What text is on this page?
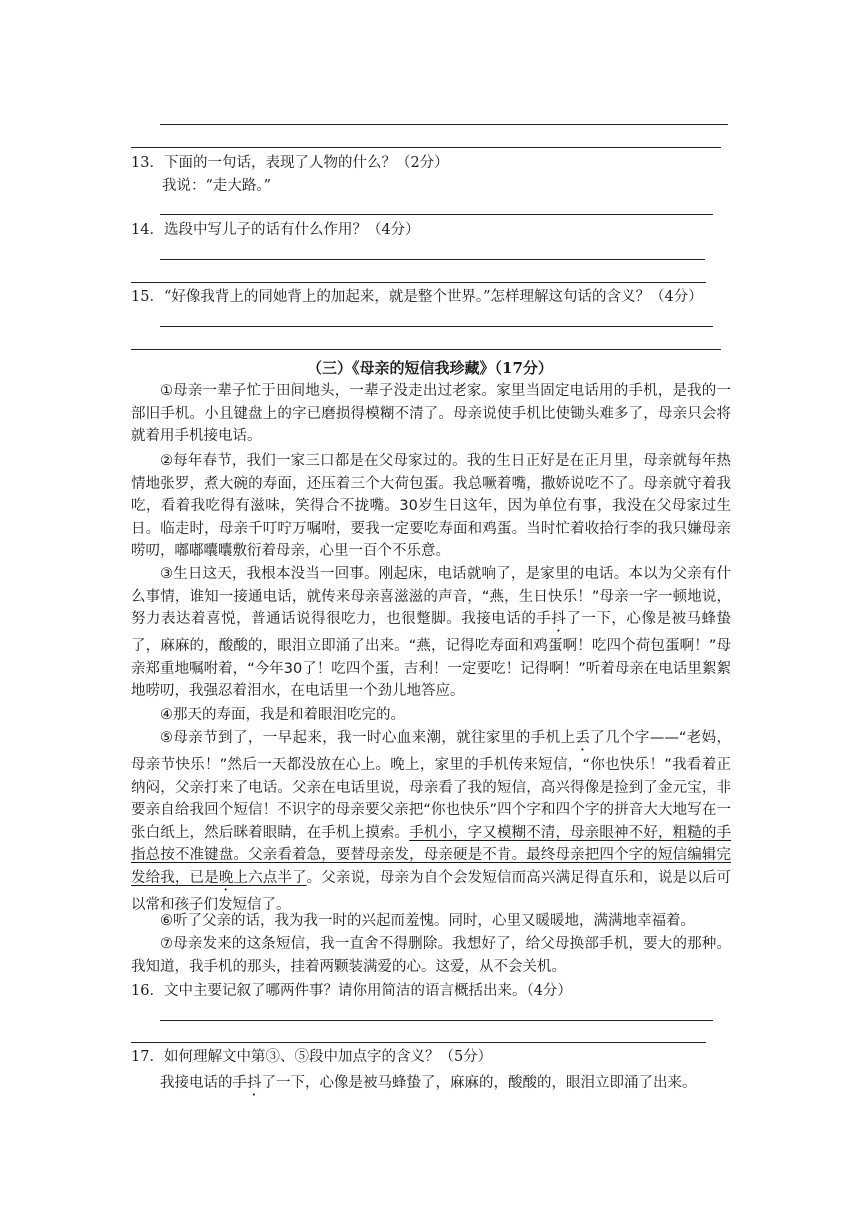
13．下面的一句话，表现了人物的什么？（2分）
我说：“走大路。”
14．选段中写儿子的话有什么作用？（4分）
15．“好像我背上的同她背上的加起来，就是整个世界。”怎样理解这句话的含义？（4分）
（三）《母亲的短信我珍藏》（17分）
①母亲一辈子忙于田间地头，一辈子没走出过老家。家里当固定电话用的手机，是我的一部旧手机。小且键盘上的字已磨损得模糊不清了。母亲说使手机比使锄头难多了，母亲只会将就着用手机接电话。
②每年春节，我们一家三口都是在父母家过的。我的生日正好是在正月里，母亲就每年热情地张罗，煮大碗的寿面，还压着三个大荷包蛋。我总噘着嘴，撒娇说吃不了。母亲就守着我吃，看着我吃得有滋味，笑得合不拢嘴。30岁生日这年，因为单位有事，我没在父母家过生日。临走时，母亲千叮咛万嘱咐，要我一定要吃寿面和鸡蛋。当时忙着收拾行李的我只嫌母亲唠叨，嘟嘟囔囔敷衍着母亲，心里一百个不乐意。
③生日这天，我根本没当一回事。刚起床，电话就响了，是家里的电话。本以为父亲有什么事情，谁知一接通电话，就传来母亲喜滋滋的声音，“燕，生日快乐！”母亲一字一顿地说，努力表达着喜悦，普通话说得很吃力，也很蹩脚。我接电话的手抖了一下，心像是被马蜂蛰了，麻麻的，酸酸的，眼泪立即涌了出来。“燕，记得吃寿面和鸡蛋啊！吃四个荷包蛋啊！”母亲郑重地嘱咐着，“今年30了！吃四个蛋，吉利！一定要吃！记得啊！”听着母亲在电话里絮絮地唠叨，我强忍着泪水，在电话里一个劲儿地答应。
④那天的寿面，我是和着眼泪吃完的。
⑤母亲节到了，一早起来，我一时心血来潮，就往家里的手机上丢了几个字——“老妈，母亲节快乐！”然后一天都没放在心上。晚上，家里的手机传来短信，“你也快乐！”我看着正纳闷，父亲打来了电话。父亲在电话里说，母亲看了我的短信，高兴得像是捡到了金元宝，非要亲自给我回个短信！不识字的母亲要父亲把“你也快乐”四个字和四个字的拼音大大地写在一张白纸上，然后眯着眼睛，在手机上摸索。手机小，字又模糊不清，母亲眼神不好，粗糙的手指总按不准键盘。父亲看着急，要替母亲发，母亲硬是不肯。最终母亲把四个字的短信编辑完发给我，已是晚上六点半了。父亲说，母亲为自个会发短信而高兴满足得直乐和，说是以后可以常和孩子们发短信了。
⑥听了父亲的话，我为我一时的兴起而羞愧。同时，心里又暖暖地，满满地幸福着。
⑦母亲发来的这条短信，我一直舍不得删除。我想好了，给父母换部手机，要大的那种。我知道，我手机的那头，挂着两颗装满爱的心。这爱，从不会关机。
16．文中主要记叙了哪两件事？请你用简洁的语言概括出来。（4分）
17．如何理解文中第③、⑤段中加点字的含义？（5分）
我接电话的手抖了一下，心像是被马蜂蛰了，麻麻的，酸酸的，眼泪立即涌了出来。
